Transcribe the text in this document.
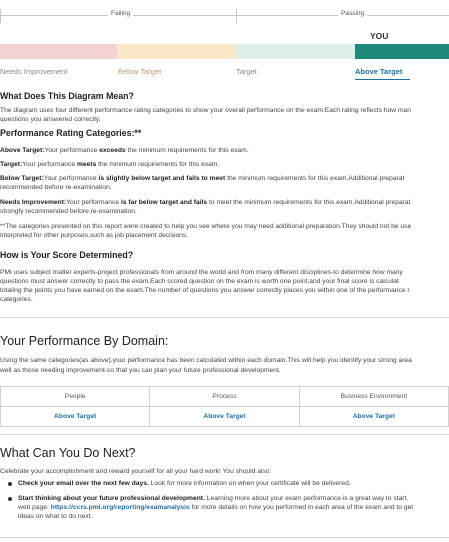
Failing	Passing
YOU
Needs Improvement	Below Target	Target	Above Target
What Does This Diagram Mean?
The diagram uses four different performance rating categories to show your overall performance on the exam.Each rating reflects how man
questions you answered correctly.
Performance Rating Categories:**
Above Target:Your performance exceeds the minimum requirements for this exam.
Target:Your performance meets the minimum requirements for this exam.
Below Target:Your performance is slightly below target and fails to meet the minimum requirements for this exam.Additional preparat
recommended before re-examination.
Needs Improvement:Your performance is far below target and fails to meet the minimum requirements for this exam.Additional preparat
strongly recommended before re-examination.
**The categories presented on this report were created to help you see where you may need additional preparation.They should not be use
interpreted for other purposes,such as job placement decisions.
How is Your Score Determined?
PMI uses subject matter experts-project professionals from around the world and from many different disciplines-to determine how many
questions must answer correctly to pass the exam.Each scored question on the exam is worth one point;and your final score is calculat
totaling the points you have earned on the exam.The number of questions you answer correctly places you within one of the performance r
categories.
Your Performance By Domain:
Using the same categories(as above),your performance has been calculated within each domain.This will help you identify your strong area
well as those needing improvement-so that you can plan your future professional development.
People	Process	Business Environment
Above Target	Above Target	Above Target
What Can You Do Next?
Celebrate your accomplishment and reward yourself for all your hard work! You should also:
Check your email over the next few days. Look for more information on when your certificate will be delivered.
Start thinking about your future professional development. Learning more about your exam performance is a great way to start.
web page: https://ccrs.pmi.org/reporting/examanalysis for more details on how you performed in each area of the exam and to get
ideas on what to do next.
